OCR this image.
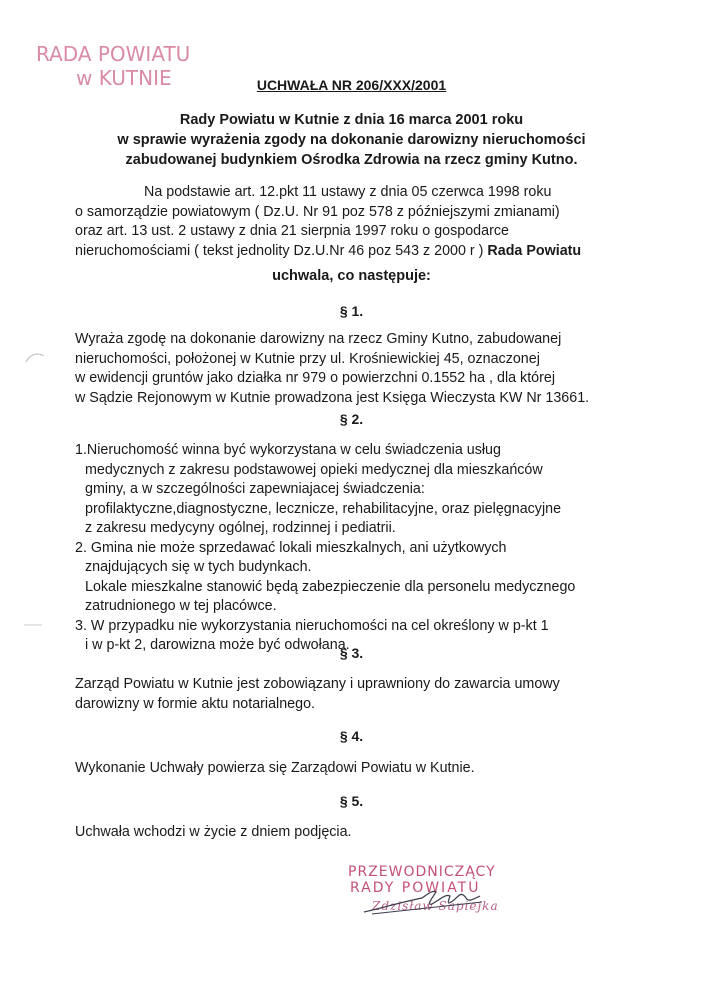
RADA POWIATU
w KUTNIE	UCHWAŁA NR 206/XXX/2001
Rady Powiatu w Kutnie z dnia 16 marca 2001 roku
w sprawie wyrażenia zgody na dokonanie darowizny nieruchomości
zabudowanej budynkiem Ośrodka Zdrowia na rzecz gminy Kutno.
Na podstawie art. 12.pkt 11 ustawy z dnia 05 czerwca 1998 roku
o samorządzie powiatowym ( Dz.U. Nr 91 poz 578 z późniejszymi zmianami)
oraz art. 13 ust. 2 ustawy z dnia 21 sierpnia 1997 roku o gospodarce
nieruchomościami ( tekst jednolity Dz.U.Nr 46 poz 543 z 2000 r ) Rada Powiatu
uchwala, co następuje:
§ 1.
Wyraża zgodę na dokonanie darowizny na rzecz Gminy Kutno, zabudowanej
nieruchomości, położonej w Kutnie przy ul. Krośniewickiej 45, oznaczonej
w ewidencji gruntów jako działka nr 979 o powierzchni 0.1552 ha , dla której
w Sądzie Rejonowym w Kutnie prowadzona jest Księga Wieczysta KW Nr 13661.
§ 2.
1.Nieruchomość winna być wykorzystana w celu świadczenia usług
medycznych z zakresu podstawowej opieki medycznej dla mieszkańców
gminy, a w szczególności zapewniajacej świadczenia:
profilaktyczne,diagnostyczne, lecznicze, rehabilitacyjne, oraz pielęgnacyjne
z zakresu medycyny ogólnej, rodzinnej i pediatrii.
2. Gmina nie może sprzedawać lokali mieszkalnych, ani użytkowych
znajdujących się w tych budynkach.
Lokale mieszkalne stanowić będą zabezpieczenie dla personelu medycznego
zatrudnionego w tej placówce.
3. W przypadku nie wykorzystania nieruchomości na cel określony w p-kt 1
i w p-kt 2, darowizna może być odwołana.
§ 3.
Zarząd Powiatu w Kutnie jest zobowiązany i uprawniony do zawarcia umowy
darowizny w formie aktu notarialnego.
§ 4.
Wykonanie Uchwały powierza się Zarządowi Powiatu w Kutnie.
§ 5.
Uchwała wchodzi w życie z dniem podjęcia.
PRZEWODNICZĄCY
RADY POWIATU
Zdzisław Sapiejka
